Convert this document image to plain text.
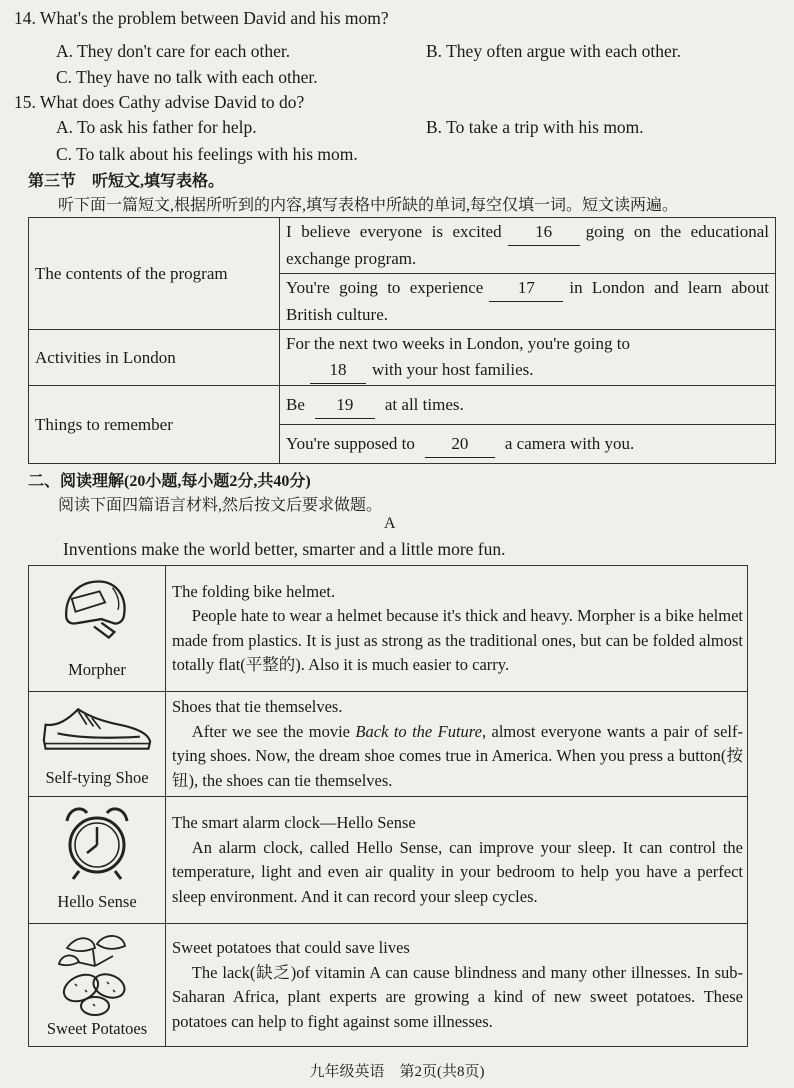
14. What's the problem between David and his mom?
A. They don't care for each other.	B. They often argue with each other.
C. They have no talk with each other.
15. What does Cathy advise David to do?
A. To ask his father for help.	B. To take a trip with his mom.
C. To talk about his feelings with his mom.
第三节　听短文,填写表格。
听下面一篇短文,根据所听到的内容,填写表格中所缺的单词,每空仅填一词。短文读两遍。
The contents of the program	I believe everyone is excited 16 going on the educational exchange program.
	You're going to experience 17 in London and learn about British culture.
Activities in London	For the next two weeks in London, you're going to
18 with your host families.
Things to remember	Be 19 at all times.
	You're supposed to 20 a camera with you.
二、阅读理解(20小题,每小题2分,共40分)
阅读下面四篇语言材料,然后按文后要求做题。
A
Inventions make the world better, smarter and a little more fun.
Morpher	The folding bike helmet.
People hate to wear a helmet because it's thick and heavy. Morpher is a bike helmet made from plastics. It is just as strong as the traditional ones, but can be folded almost totally flat(平整的). Also it is much easier to carry.

Self-tying Shoe	Shoes that tie themselves.
After we see the movie Back to the Future, almost everyone wants a pair of self-tying shoes. Now, the dream shoe comes true in America. When you press a button(按钮), the shoes can tie themselves.

Hello Sense	The smart alarm clock—Hello Sense
An alarm clock, called Hello Sense, can improve your sleep. It can control the temperature, light and even air quality in your bedroom to help you have a perfect sleep environment. And it can record your sleep cycles.

Sweet Potatoes	Sweet potatoes that could save lives
The lack(缺乏)of vitamin A can cause blindness and many other illnesses. In sub-Saharan Africa, plant experts are growing a kind of new sweet potatoes. These potatoes can help to fight against some illnesses.
九年级英语　第2页(共8页)
